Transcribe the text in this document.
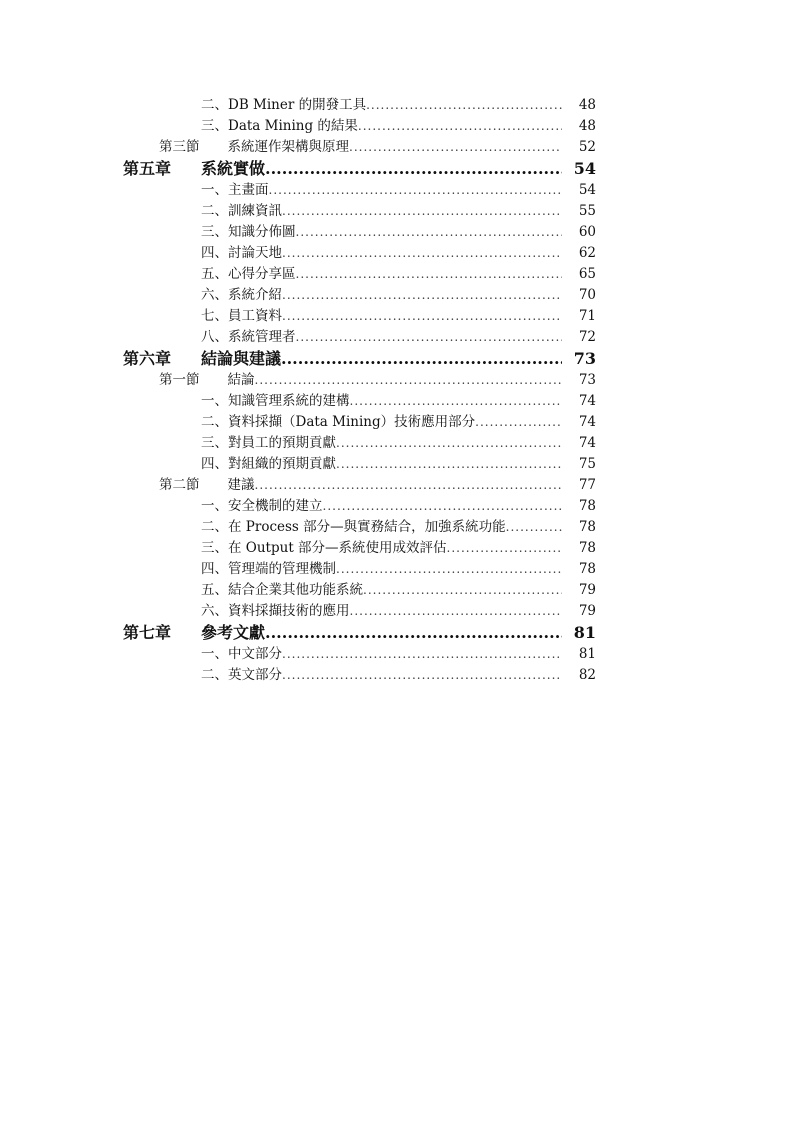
二、DB Miner 的開發工具 .....	48
三、Data Mining 的結果 .....	48
第三節 系統運作架構與原理 .....	52
第五章 系統實做 .....	54
一、主畫面 .....	54
二、訓練資訊 .....	55
三、知識分佈圖 .....	60
四、討論天地 .....	62
五、心得分享區 .....	65
六、系統介紹 .....	70
七、員工資料 .....	71
八、系統管理者 .....	72
第六章 結論與建議 .....	73
第一節 結論 .....	73
一、知識管理系統的建構 .....	74
二、資料採擷（Data Mining）技術應用部分 .....	74
三、對員工的預期貢獻 .....	74
四、對組織的預期貢獻 .....	75
第二節 建議 .....	77
一、安全機制的建立 .....	78
二、在 Process 部分—與實務結合，加強系統功能 .....	78
三、在 Output 部分—系統使用成效評估 .....	78
四、管理端的管理機制 .....	78
五、結合企業其他功能系統 .....	79
六、資料採擷技術的應用 .....	79
第七章 參考文獻 .....	81
一、中文部分 .....	81
二、英文部分 .....	82
